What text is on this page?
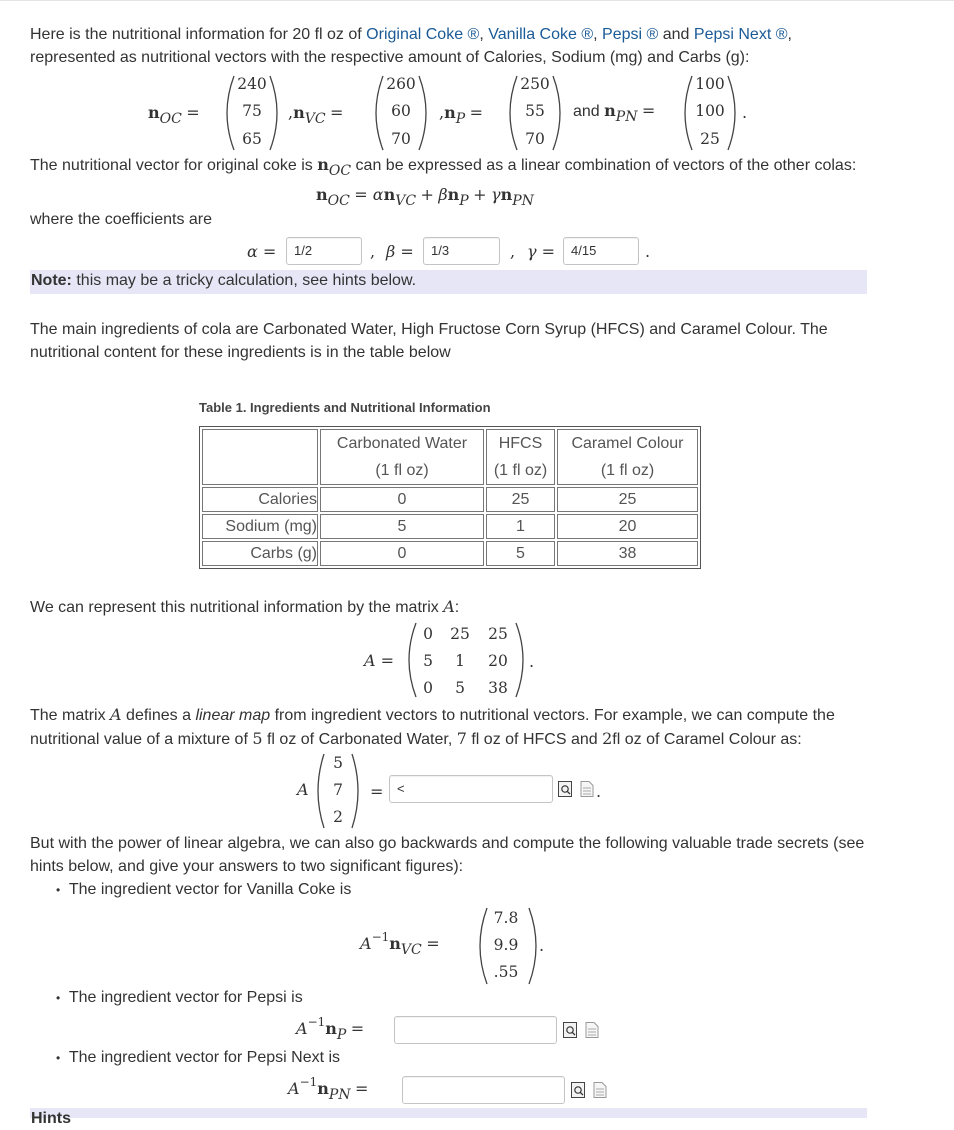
Here is the nutritional information for 20 fl oz of Original Coke ®, Vanilla Coke ®, Pepsi ® and Pepsi Next ®,
represented as nutritional vectors with the respective amount of Calories, Sodium (mg) and Carbs (g):
nOC =
240
75
65
,nVC =
260
60
70
,nP =
250
55
70
and nPN =
100
100
25
.
The nutritional vector for original coke is nOC can be expressed as a linear combination of vectors of the other colas:
nOC = αnVC + βnP + γnPN
where the coefficients are
α =	1/2	, β =	1/3	, γ =	4/15	.
Note: this may be a tricky calculation, see hints below.
The main ingredients of cola are Carbonated Water, High Fructose Corn Syrup (HFCS) and Caramel Colour. The
nutritional content for these ingredients is in the table below
Table 1. Ingredients and Nutritional Information
	Carbonated Water
(1 fl oz)	HFCS
(1 fl oz)	Caramel Colour
(1 fl oz)
Calories	0	25	25
Sodium (mg)	5	1	20
Carbs (g)	0	5	38
We can represent this nutritional information by the matrix A:
A =
0	25 25
5	1	20
0	5	38
.
The matrix A defines a linear map from ingredient vectors to nutritional vectors. For example, we can compute the
nutritional value of a mixture of 5 fl oz of Carbonated Water, 7 fl oz of HFCS and 2fl oz of Caramel Colour as:
A
5
7
2
=	<	.
But with the power of linear algebra, we can also go backwards and compute the following valuable trade secrets (see
hints below, and give your answers to two significant figures):
• The ingredient vector for Vanilla Coke is
$A^{-1}nVC$ =
7.8
9.9
.55
.
• The ingredient vector for Pepsi is
$A^{-1}nP$ =
• The ingredient vector for Pepsi Next is
$A^{-1}nPN$ =
Hints
